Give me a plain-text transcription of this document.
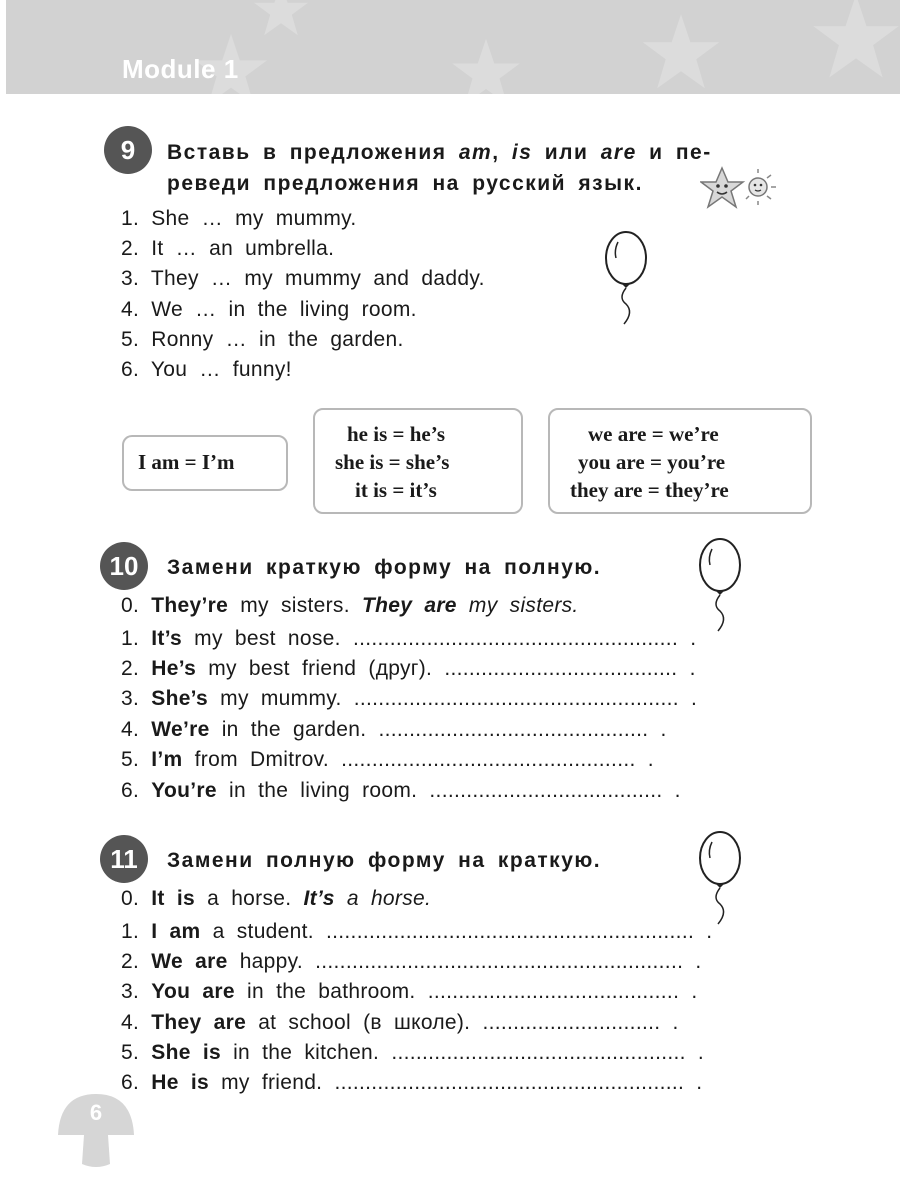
Module 1
9	Вставь в предложения am, is или are и пе-
реведи предложения на русский язык.
1. She … my mummy.
2. It … an umbrella.
3. They … my mummy and daddy.
4. We … in the living room.
5. Ronny … in the garden.
6. You … funny!
I am = I’m
he is = he’s
she is = she’s
it is = it’s
we are = we’re
you are = you’re
they are = they’re
10	Замени краткую форму на полную.
0. They’re my sisters. They are my sisters.
1. It’s my best nose. ..................................................... .
2. He’s my best friend (друг). ...................................... .
3. She’s my mummy. ..................................................... .
4. We’re in the garden. ............................................ .
5. I’m from Dmitrov. ................................................ .
6. You’re in the living room. ...................................... .
11	Замени полную форму на краткую.
0. It is a horse. It’s a horse.
1. I am a student. ............................................................ .
2. We are happy. ............................................................ .
3. You are in the bathroom. ......................................... .
4. They are at school (в школе). ............................. .
5. She is in the kitchen. ................................................ .
6. He is my friend. ......................................................... .
6
